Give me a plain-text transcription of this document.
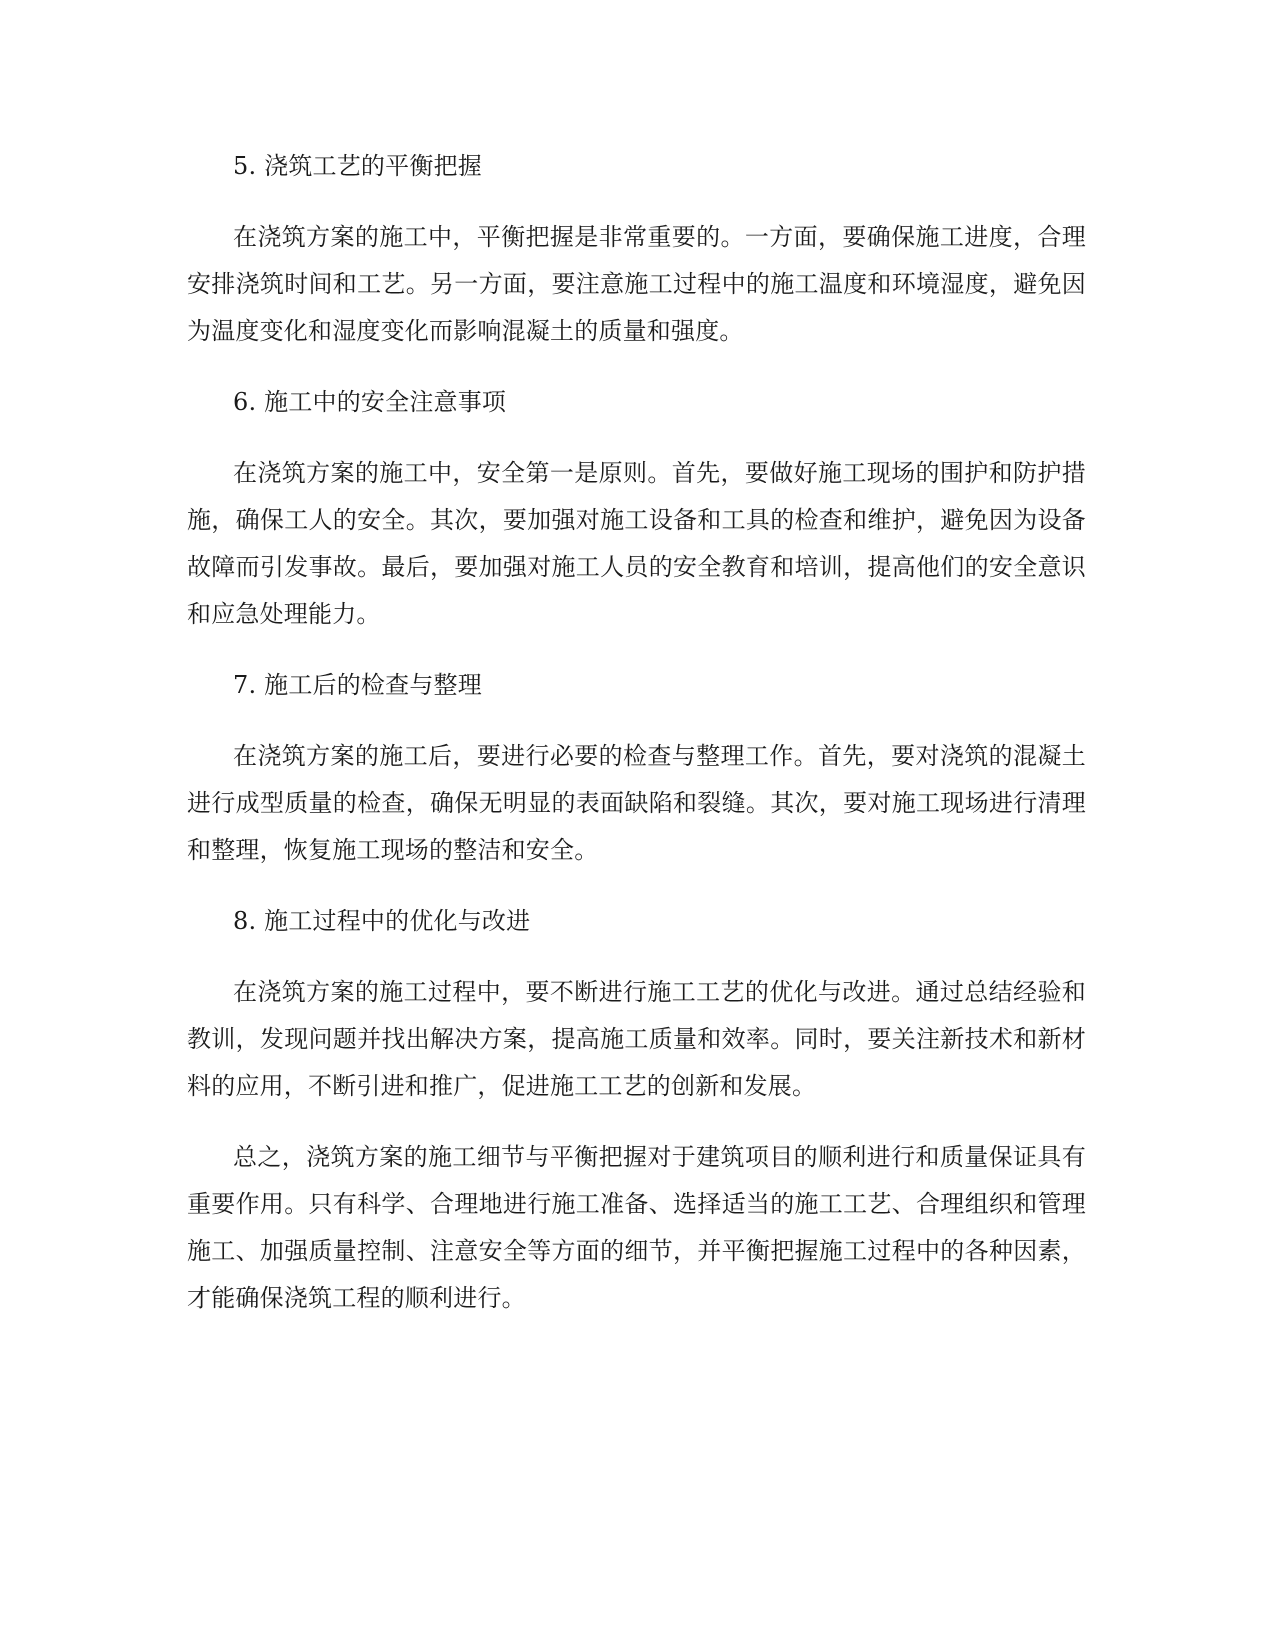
5. 浇筑工艺的平衡把握

在浇筑方案的施工中，平衡把握是非常重要的。一方面，要确保施工进度，合理安排浇筑时间和工艺。另一方面，要注意施工过程中的施工温度和环境湿度，避免因为温度变化和湿度变化而影响混凝土的质量和强度。

6. 施工中的安全注意事项

在浇筑方案的施工中，安全第一是原则。首先，要做好施工现场的围护和防护措施，确保工人的安全。其次，要加强对施工设备和工具的检查和维护，避免因为设备故障而引发事故。最后，要加强对施工人员的安全教育和培训，提高他们的安全意识和应急处理能力。

7. 施工后的检查与整理

在浇筑方案的施工后，要进行必要的检查与整理工作。首先，要对浇筑的混凝土进行成型质量的检查，确保无明显的表面缺陷和裂缝。其次，要对施工现场进行清理和整理，恢复施工现场的整洁和安全。

8. 施工过程中的优化与改进

在浇筑方案的施工过程中，要不断进行施工工艺的优化与改进。通过总结经验和教训，发现问题并找出解决方案，提高施工质量和效率。同时，要关注新技术和新材料的应用，不断引进和推广，促进施工工艺的创新和发展。

总之，浇筑方案的施工细节与平衡把握对于建筑项目的顺利进行和质量保证具有重要作用。只有科学、合理地进行施工准备、选择适当的施工工艺、合理组织和管理施工、加强质量控制、注意安全等方面的细节，并平衡把握施工过程中的各种因素，才能确保浇筑工程的顺利进行。
